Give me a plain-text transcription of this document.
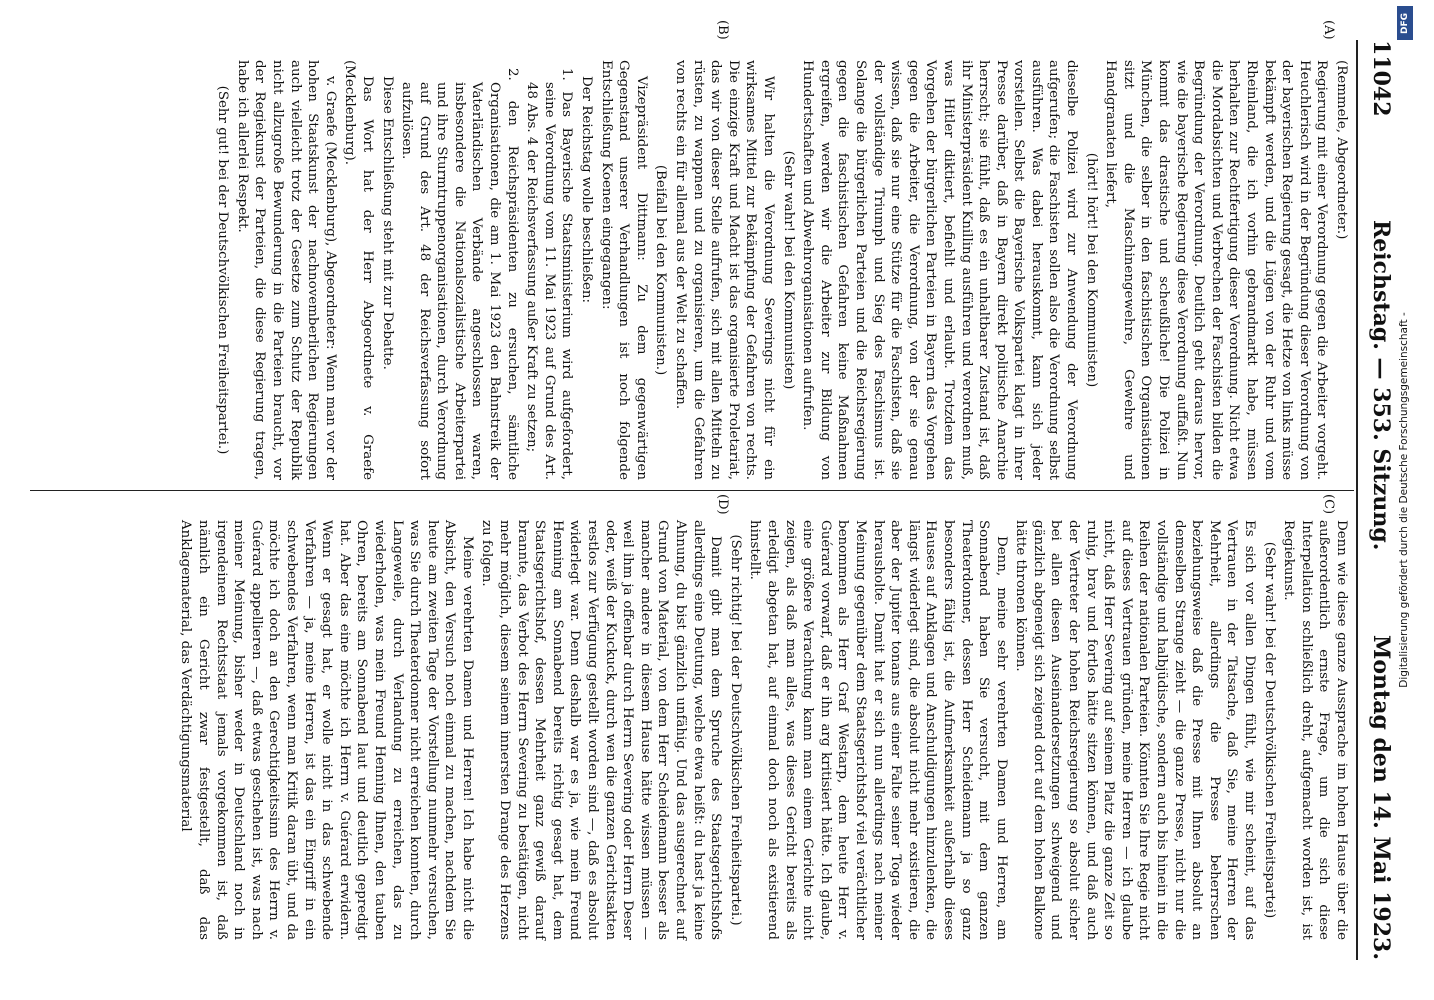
11042
Reichstag. — 353. Sitzung.
Montag den 14. Mai 1923.
(A)
(B)
(C)
(D)

(Remmele, Abgeordneter.)

Regierung mit einer Verordnung gegen die Arbeiter vorgeht. Heuchlerisch wird in der Begründung dieser Verordnung von der bayerischen Regierung gesagt, die Hetze von links müsse bekämpft werden, und die Lügen von der Ruhr und vom Rheinland, die ich vorhin gebrandmarkt habe, müssen herhalten zur Rechtfertigung dieser Verordnung. Nicht etwa die Mordabsichten und Verbrechen der Faschisten bilden die Begründung der Verordnung. Deutlich geht daraus hervor, wie die bayerische Regierung diese Verordnung auffaßt. Nun kommt das drastische und scheußliche! Die Polizei in München, die selber in den faschistischen Organisationen sitzt und die Maschinengewehre, Gewehre und Handgranaten liefert,

(hört! hört! bei den Kommunisten)

dieselbe Polizei wird zur Anwendung der Verordnung aufgerufen; die Faschisten sollen also die Verordnung selbst ausführen. Was dabei herauskommt, kann sich jeder vorstellen. Selbst die Bayerische Volkspartei klagt in ihrer Presse darüber, daß in Bayern direkt politische Anarchie herrscht; sie fühlt, daß es ein unhaltbarer Zustand ist, daß ihr Ministerpräsident Knilling ausführen und verordnen muß, was Hitler diktiert, befiehlt und erlaubt. Trotzdem das Vorgehen der bürgerlichen Parteien in Bayern das Vorgehen gegen die Arbeiter, die Verordnung, von der sie genau wissen, daß sie nur eine Stütze für die Faschisten, daß sie der vollständige Triumph und Sieg des Faschismus ist. Solange die bürgerlichen Parteien und die Reichsregierung gegen die faschistischen Gefahren keine Maßnahmen ergreifen, werden wir die Arbeiter zur Bildung von Hundertschaften und Abwehrorganisationen aufrufen.

(Sehr wahr! bei den Kommunisten)

Wir halten die Verordnung Severings nicht für ein wirksames Mittel zur Bekämpfung der Gefahren von rechts. Die einzige Kraft und Macht ist das organisierte Proletariat, das wir von dieser Stelle aufrufen, sich mit allen Mitteln zu rüsten, zu wappnen und zu organisieren, um die Gefahren von rechts ein für allemal aus der Welt zu schaffen.

(Beifall bei den Kommunisten.)

Vizepräsident Dittmann: Zu dem gegenwärtigen Gegenstand unserer Verhandlungen ist noch folgende Entschließung Koenen eingegangen:

Der Reichstag wolle beschließen:

1. Das Bayerische Staatsministerium wird aufgefordert, seine Verordnung vom 11. Mai 1923 auf Grund des Art. 48 Abs. 4 der Reichsverfassung außer Kraft zu setzen;

2. den Reichspräsidenten zu ersuchen, sämtliche Organisationen, die am 1. Mai 1923 den Bahnstreik der Vaterländischen Verbände angeschlossen waren, insbesondere die Nationalsozialistische Arbeiterpartei und ihre Sturmtruppenorganisationen, durch Verordnung auf Grund des Art. 48 der Reichsverfassung sofort aufzulösen.

Diese Entschließung steht mit zur Debatte.

Das Wort hat der Herr Abgeordnete v. Graefe (Mecklenburg).

v. Graefe (Mecklenburg), Abgeordneter: Wenn man vor der hohen Staatskunst der nachnovemberlichen Regierungen auch vielleicht trotz der Gesetze zum Schutz der Republik nicht allzugroße Bewunderung in die Parteien braucht, vor der Regiekunst der Parteien, die diese Regierung tragen, habe ich allerlei Respekt.

(Sehr gut! bei der Deutschvölkischen Freiheitspartei.)

Denn wie diese ganze Aussprache im hohen Hause über die außerordentlich ernste Frage, um die sich diese Interpellation schließlich dreht, aufgemacht worden ist, ist Regiekunst.

(Sehr wahr! bei der Deutschvölkischen Freiheitspartei)

Es sich vor allen Dingen fühlt, wie mir scheint, auf das Vertrauen in der Tatsache, daß Sie, meine Herren der Mehrheit, allerdings die Presse beherrschen beziehungsweise daß die Presse mit Ihnen absolut an demselben Strange zieht — die ganze Presse, nicht nur die vollständige und halbjüdische, sondern auch bis hinein in die Reihen der nationalen Parteien. Könnten Sie Ihre Regie nicht auf dieses Vertrauen gründen, meine Herren — ich glaube nicht, daß Herr Severing auf seinem Platz die ganze Zeit so ruhig, brav und fortlos hätte sitzen können, und daß auch der Vertreter der hohen Reichsregierung so absolut sicher bei allen diesen Auseinandersetzungen schweigend und gänzlich abgeneigt sich zeigend dort auf dem hohen Balkone hätte thronen können.

Denn, meine sehr verehrten Damen und Herren, am Sonnabend haben Sie versucht, mit dem ganzen Theaterdonner, dessen Herr Scheidemann ja so ganz besonders fähig ist, die Aufmerksamkeit außerhalb dieses Hauses auf Anklagen und Anschuldigungen hinzulenken, die längst widerlegt sind, die absolut nicht mehr existieren, die aber der Jupiter tonans aus einer Falte seiner Toga wieder herausholte. Damit hat er sich nun allerdings nach meiner Meinung gegenüber dem Staatsgerichtshof viel verächtlicher benommen als Herr Graf Westarp, dem heute Herr v. Guérard vorwarf, daß er ihn arg kritisiert hätte. Ich glaube, eine größere Verachtung kann man einem Gerichte nicht zeigen, als daß man alles, was dieses Gericht bereits als erledigt abgetan hat, auf einmal doch noch als existierend hinstellt.

(Sehr richtig! bei der Deutschvölkischen Freiheitspartei.)

Damit gibt man dem Spruche des Staatsgerichtshofs allerdings eine Deutung, welche etwa heißt: du hast ja keine Ahnung, du bist gänzlich unfähig. Und das ausgerechnet auf Grund von Material, von dem Herr Scheidemann besser als mancher andere in diesem Hause hätte wissen müssen — weil ihm ja offenbar durch Herrn Severing oder Herrn Deser oder, weiß der Kuckuck, durch wen die ganzen Gerichtsakten restlos zur Verfügung gestellt worden sind —, daß es absolut widerlegt war. Denn deshalb war es ja, wie mein Freund Henning am Sonnabend bereits richtig gesagt hat, dem Staatsgerichtshof, dessen Mehrheit ganz gewiß darauf brannte, das Verbot des Herrn Severing zu bestätigen, nicht mehr möglich, diesem seinem innersten Drange des Herzens zu folgen.

Meine verehrten Damen und Herren! Ich habe nicht die Absicht, den Versuch noch einmal zu machen, nachdem Sie heute am zweiten Tage der Vorstellung nunmehr versuchen, was Sie durch Theaterdonner nicht erreichen konnten, durch Langeweile, durch Verlandung zu erreichen, das zu wiederholen, was mein Freund Henning Ihnen, den tauben Ohren, bereits am Sonnabend laut und deutlich gepredigt hat. Aber das eine möchte ich Herrn v. Guérard erwidern. Wenn er gesagt hat, er wolle nicht in das schwebende Verfahren — ja, meine Herren, ist das ein Eingriff in ein schwebendes Verfahren, wenn man Kritik daran übt, und da möchte ich doch an den Gerechtigkeitssinn des Herrn v. Guérard appellieren —, daß etwas geschehen ist, was nach meiner Meinung, bisher weder in Deutschland noch in irgendeinem Rechtsstaat jemals vorgekommen ist, daß nämlich ein Gericht zwar festgestellt, daß das Anklagematerial, das Verdächtigungsmaterial

DFG
Digitalisierung gefördert durch die Deutsche Forschungsgemeinschaft -
